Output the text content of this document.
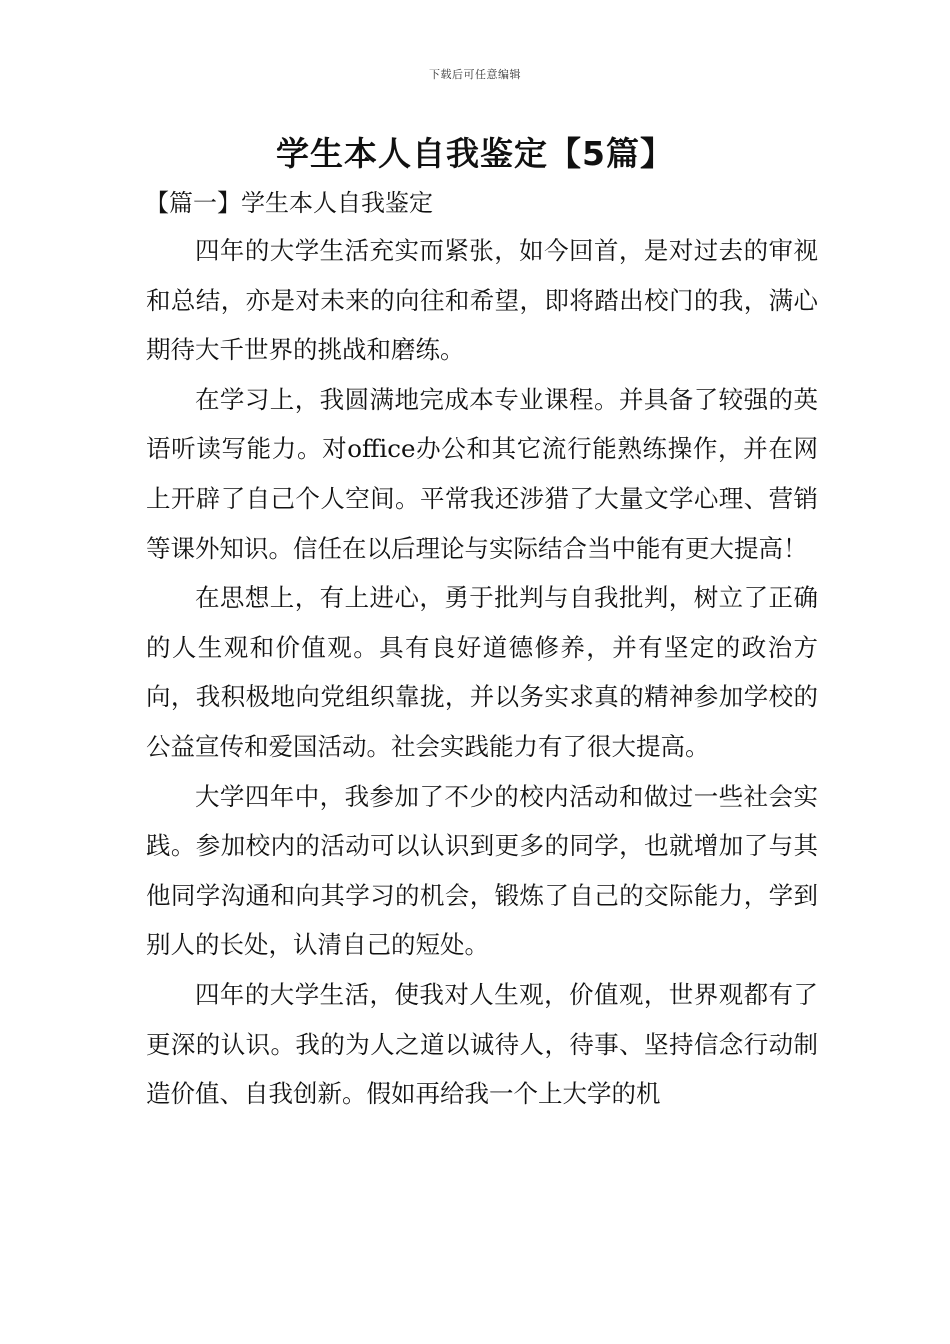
下载后可任意编辑
学生本人自我鉴定【5篇】
【篇一】学生本人自我鉴定

四年的大学生活充实而紧张，如今回首，是对过去的审视和总结，亦是对未来的向往和希望，即将踏出校门的我，满心期待大千世界的挑战和磨练。

在学习上，我圆满地完成本专业课程。并具备了较强的英语听读写能力。对office办公和其它流行能熟练操作，并在网上开辟了自己个人空间。平常我还涉猎了大量文学心理、营销等课外知识。信任在以后理论与实际结合当中能有更大提高！

在思想上，有上进心，勇于批判与自我批判，树立了正确的人生观和价值观。具有良好道德修养，并有坚定的政治方向，我积极地向党组织靠拢，并以务实求真的精神参加学校的公益宣传和爱国活动。社会实践能力有了很大提高。

大学四年中，我参加了不少的校内活动和做过一些社会实践。参加校内的活动可以认识到更多的同学，也就增加了与其他同学沟通和向其学习的机会，锻炼了自己的交际能力，学到别人的长处，认清自己的短处。

四年的大学生活，使我对人生观，价值观，世界观都有了更深的认识。我的为人之道以诚待人，待事、坚持信念行动制造价值、自我创新。假如再给我一个上大学的机
